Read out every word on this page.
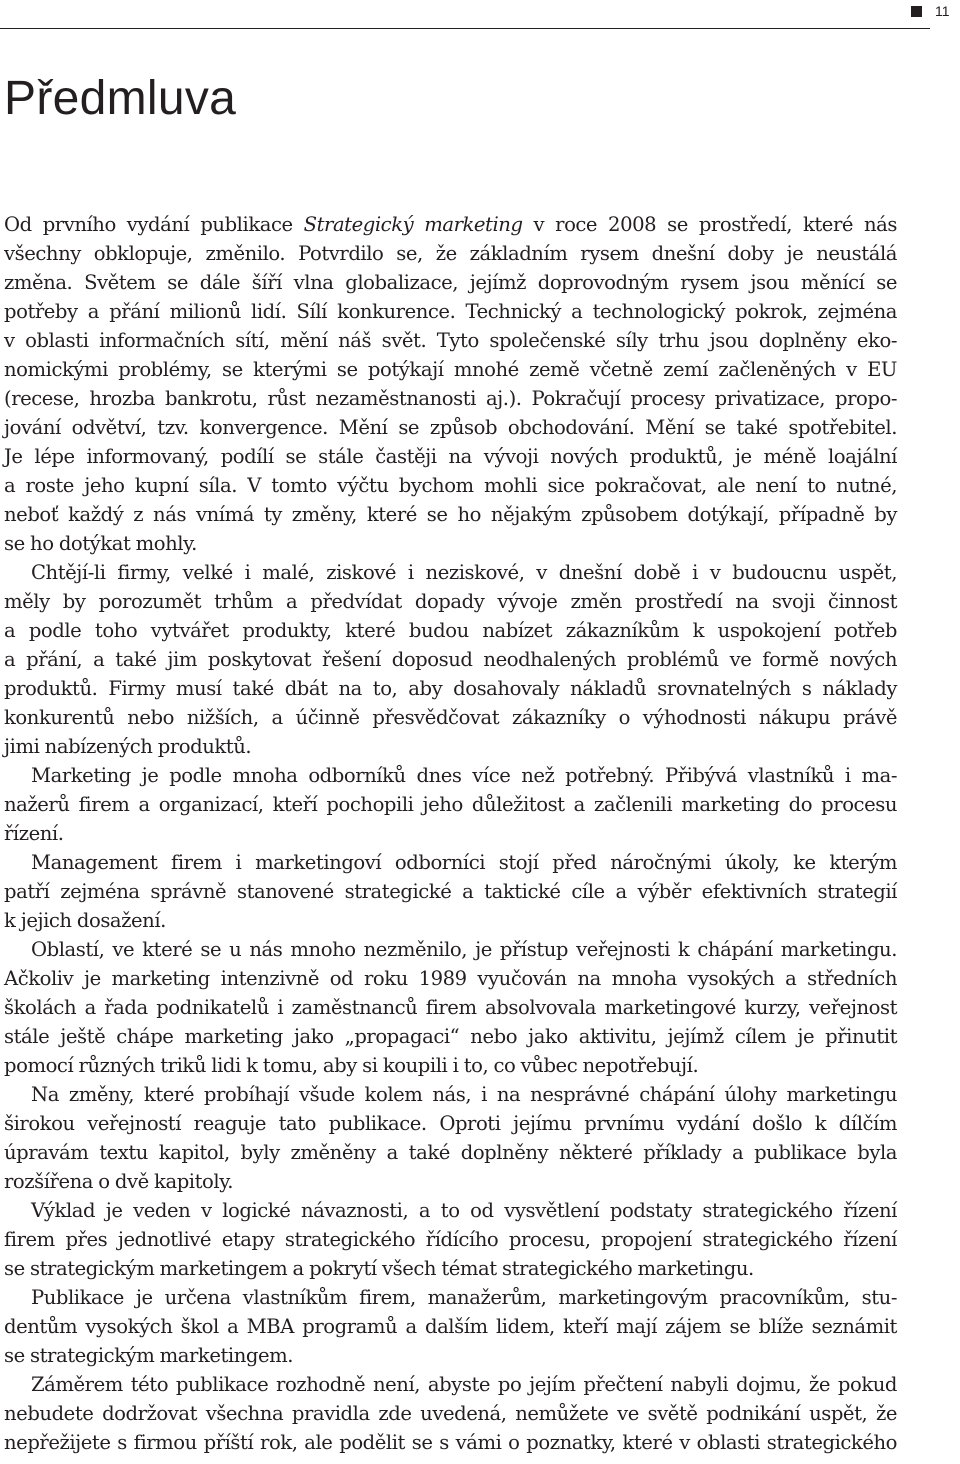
11
Předmluva
Od prvního vydání publikace Strategický marketing v roce 2008 se prostředí, které nás
všechny obklopuje, změnilo. Potvrdilo se, že základním rysem dnešní doby je neustálá
změna. Světem se dále šíří vlna globalizace, jejímž doprovodným rysem jsou měnící se
potřeby a přání milionů lidí. Sílí konkurence. Technický a technologický pokrok, zejména
v oblasti informačních sítí, mění náš svět. Tyto společenské síly trhu jsou doplněny eko-
nomickými problémy, se kterými se potýkají mnohé země včetně zemí začleněných v EU
(recese, hrozba bankrotu, růst nezaměstnanosti aj.). Pokračují procesy privatizace, propo-
jování odvětví, tzv. konvergence. Mění se způsob obchodování. Mění se také spotřebitel.
Je lépe informovaný, podílí se stále častěji na vývoji nových produktů, je méně loajální
a roste jeho kupní síla. V tomto výčtu bychom mohli sice pokračovat, ale není to nutné,
neboť každý z nás vnímá ty změny, které se ho nějakým způsobem dotýkají, případně by
se ho dotýkat mohly.
Chtějí-li firmy, velké i malé, ziskové i neziskové, v dnešní době i v budoucnu uspět,
měly by porozumět trhům a předvídat dopady vývoje změn prostředí na svoji činnost
a podle toho vytvářet produkty, které budou nabízet zákazníkům k uspokojení potřeb
a přání, a také jim poskytovat řešení doposud neodhalených problémů ve formě nových
produktů. Firmy musí také dbát na to, aby dosahovaly nákladů srovnatelných s náklady
konkurentů nebo nižších, a účinně přesvědčovat zákazníky o výhodnosti nákupu právě
jimi nabízených produktů.
Marketing je podle mnoha odborníků dnes více než potřebný. Přibývá vlastníků i ma-
nažerů firem a organizací, kteří pochopili jeho důležitost a začlenili marketing do procesu
řízení.
Management firem i marketingoví odborníci stojí před náročnými úkoly, ke kterým
patří zejména správně stanovené strategické a taktické cíle a výběr efektivních strategií
k jejich dosažení.
Oblastí, ve které se u nás mnoho nezměnilo, je přístup veřejnosti k chápání marketingu.
Ačkoliv je marketing intenzivně od roku 1989 vyučován na mnoha vysokých a středních
školách a řada podnikatelů i zaměstnanců firem absolvovala marketingové kurzy, veřejnost
stále ještě chápe marketing jako „propagaci“ nebo jako aktivitu, jejímž cílem je přinutit
pomocí různých triků lidi k tomu, aby si koupili i to, co vůbec nepotřebují.
Na změny, které probíhají všude kolem nás, i na nesprávné chápání úlohy marketingu
širokou veřejností reaguje tato publikace. Oproti jejímu prvnímu vydání došlo k dílčím
úpravám textu kapitol, byly změněny a také doplněny některé příklady a publikace byla
rozšířena o dvě kapitoly.
Výklad je veden v logické návaznosti, a to od vysvětlení podstaty strategického řízení
firem přes jednotlivé etapy strategického řídícího procesu, propojení strategického řízení
se strategickým marketingem a pokrytí všech témat strategického marketingu.
Publikace je určena vlastníkům firem, manažerům, marketingovým pracovníkům, stu-
dentům vysokých škol a MBA programů a dalším lidem, kteří mají zájem se blíže seznámit
se strategickým marketingem.
Záměrem této publikace rozhodně není, abyste po jejím přečtení nabyli dojmu, že pokud
nebudete dodržovat všechna pravidla zde uvedená, nemůžete ve světě podnikání uspět, že
nepřežijete s firmou příští rok, ale podělit se s vámi o poznatky, které v oblasti strategického
